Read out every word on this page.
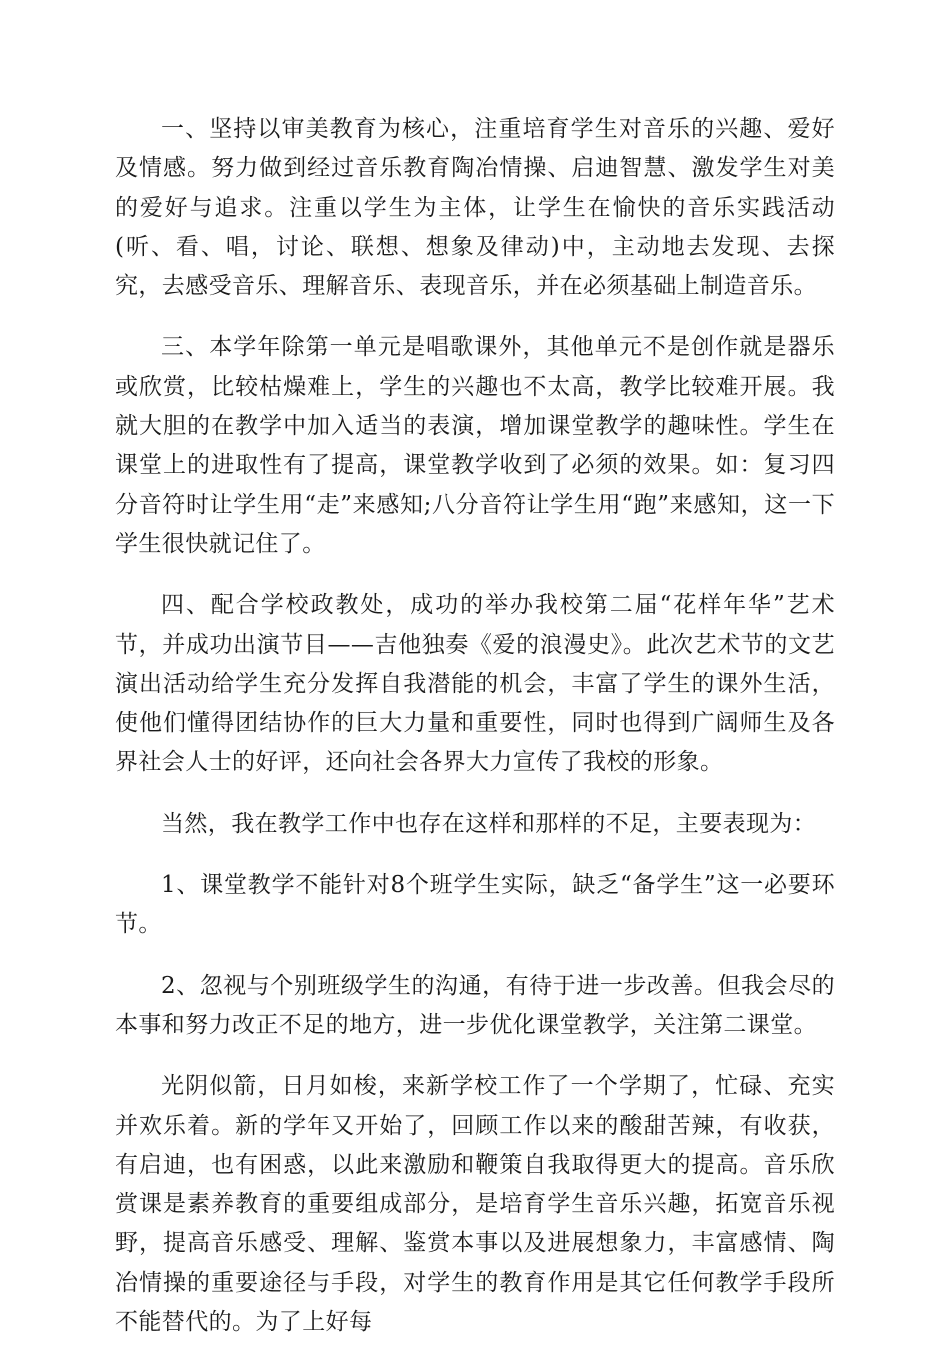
一、坚持以审美教育为核心，注重培育学生对音乐的兴趣、爱好及情感。努力做到经过音乐教育陶冶情操、启迪智慧、激发学生对美的爱好与追求。注重以学生为主体，让学生在愉快的音乐实践活动(听、看、唱，讨论、联想、想象及律动)中，主动地去发现、去探究，去感受音乐、理解音乐、表现音乐，并在必须基础上制造音乐。

三、本学年除第一单元是唱歌课外，其他单元不是创作就是器乐或欣赏，比较枯燥难上，学生的兴趣也不太高，教学比较难开展。我就大胆的在教学中加入适当的表演，增加课堂教学的趣味性。学生在课堂上的进取性有了提高，课堂教学收到了必须的效果。如：复习四分音符时让学生用“走”来感知;八分音符让学生用“跑”来感知，这一下学生很快就记住了。

四、配合学校政教处，成功的举办我校第二届“花样年华”艺术节，并成功出演节目——吉他独奏《爱的浪漫史》。此次艺术节的文艺演出活动给学生充分发挥自我潜能的机会，丰富了学生的课外生活，使他们懂得团结协作的巨大力量和重要性，同时也得到广阔师生及各界社会人士的好评，还向社会各界大力宣传了我校的形象。

当然，我在教学工作中也存在这样和那样的不足，主要表现为：

1、课堂教学不能针对8个班学生实际，缺乏“备学生”这一必要环节。

2、忽视与个别班级学生的沟通，有待于进一步改善。但我会尽的本事和努力改正不足的地方，进一步优化课堂教学，关注第二课堂。

光阴似箭，日月如梭，来新学校工作了一个学期了，忙碌、充实并欢乐着。新的学年又开始了，回顾工作以来的酸甜苦辣，有收获，有启迪，也有困惑，以此来激励和鞭策自我取得更大的提高。音乐欣赏课是素养教育的重要组成部分，是培育学生音乐兴趣，拓宽音乐视野，提高音乐感受、理解、鉴赏本事以及进展想象力，丰富感情、陶冶情操的重要途径与手段，对学生的教育作用是其它任何教学手段所不能替代的。为了上好每
